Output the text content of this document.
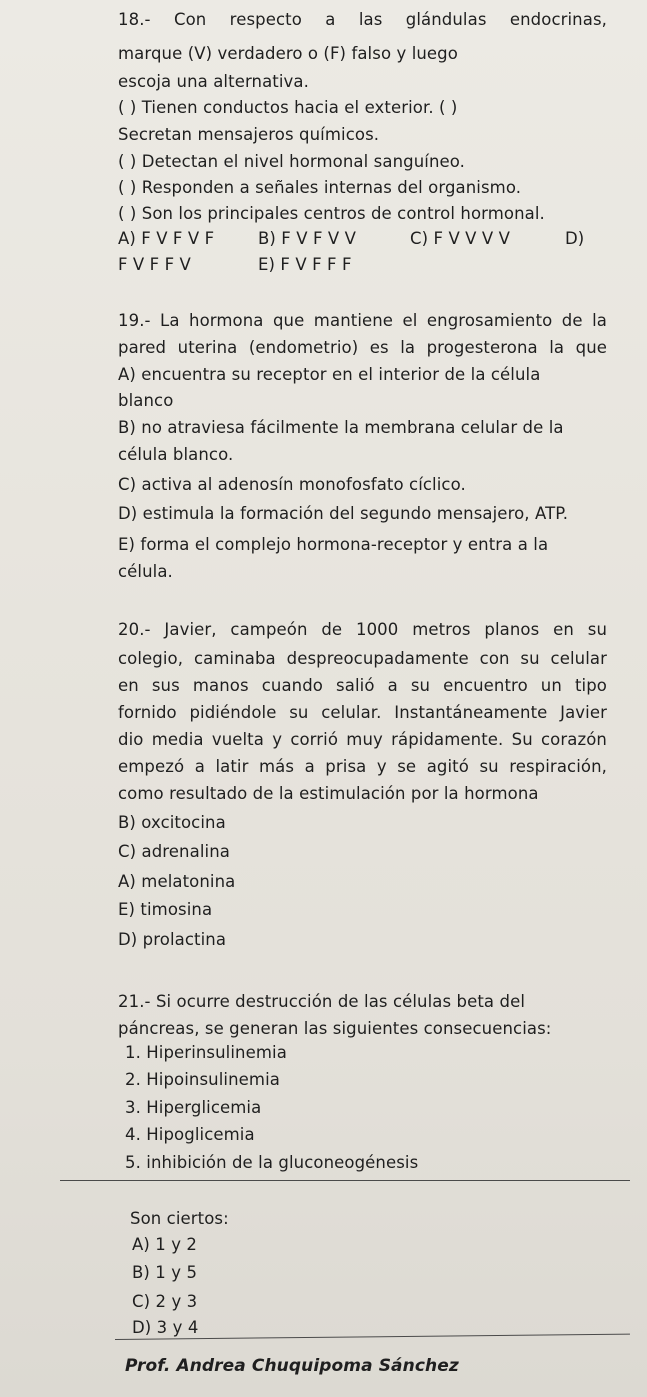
18.- Con respecto a las glándulas endocrinas,
marque (V) verdadero o (F) falso y luego
escoja una alternativa.
( ) Tienen conductos hacia el exterior. ( )
Secretan mensajeros químicos.
( ) Detectan el nivel hormonal sanguíneo.
( ) Responden a señales internas del organismo.
( ) Son los principales centros de control hormonal.
A) F V F V F	B) F V F V V	C) F V V V V	D)
F V F F V	E) F V F F F
19.- La hormona que mantiene el engrosamiento de la
pared uterina (endometrio) es la progesterona la que
A) encuentra su receptor en el interior de la célula
blanco
B) no atraviesa fácilmente la membrana celular de la
célula blanco.
C) activa al adenosín monofosfato cíclico.
D) estimula la formación del segundo mensajero, ATP.
E) forma el complejo hormona-receptor y entra a la
célula.
20.- Javier, campeón de 1000 metros planos en su
colegio, caminaba despreocupadamente con su celular
en sus manos cuando salió a su encuentro un tipo
fornido pidiéndole su celular. Instantáneamente Javier
dio media vuelta y corrió muy rápidamente. Su corazón
empezó a latir más a prisa y se agitó su respiración,
como resultado de la estimulación por la hormona
B) oxcitocina
C) adrenalina
A) melatonina
E) timosina
D) prolactina
21.- Si ocurre destrucción de las células beta del
páncreas, se generan las siguientes consecuencias:
1. Hiperinsulinemia
2. Hipoinsulinemia
3. Hiperglicemia
4. Hipoglicemia
5. inhibición de la gluconeogénesis
Son ciertos:
A) 1 y 2
B) 1 y 5
C) 2 y 3
D) 3 y 4
Prof. Andrea Chuquipoma Sánchez
